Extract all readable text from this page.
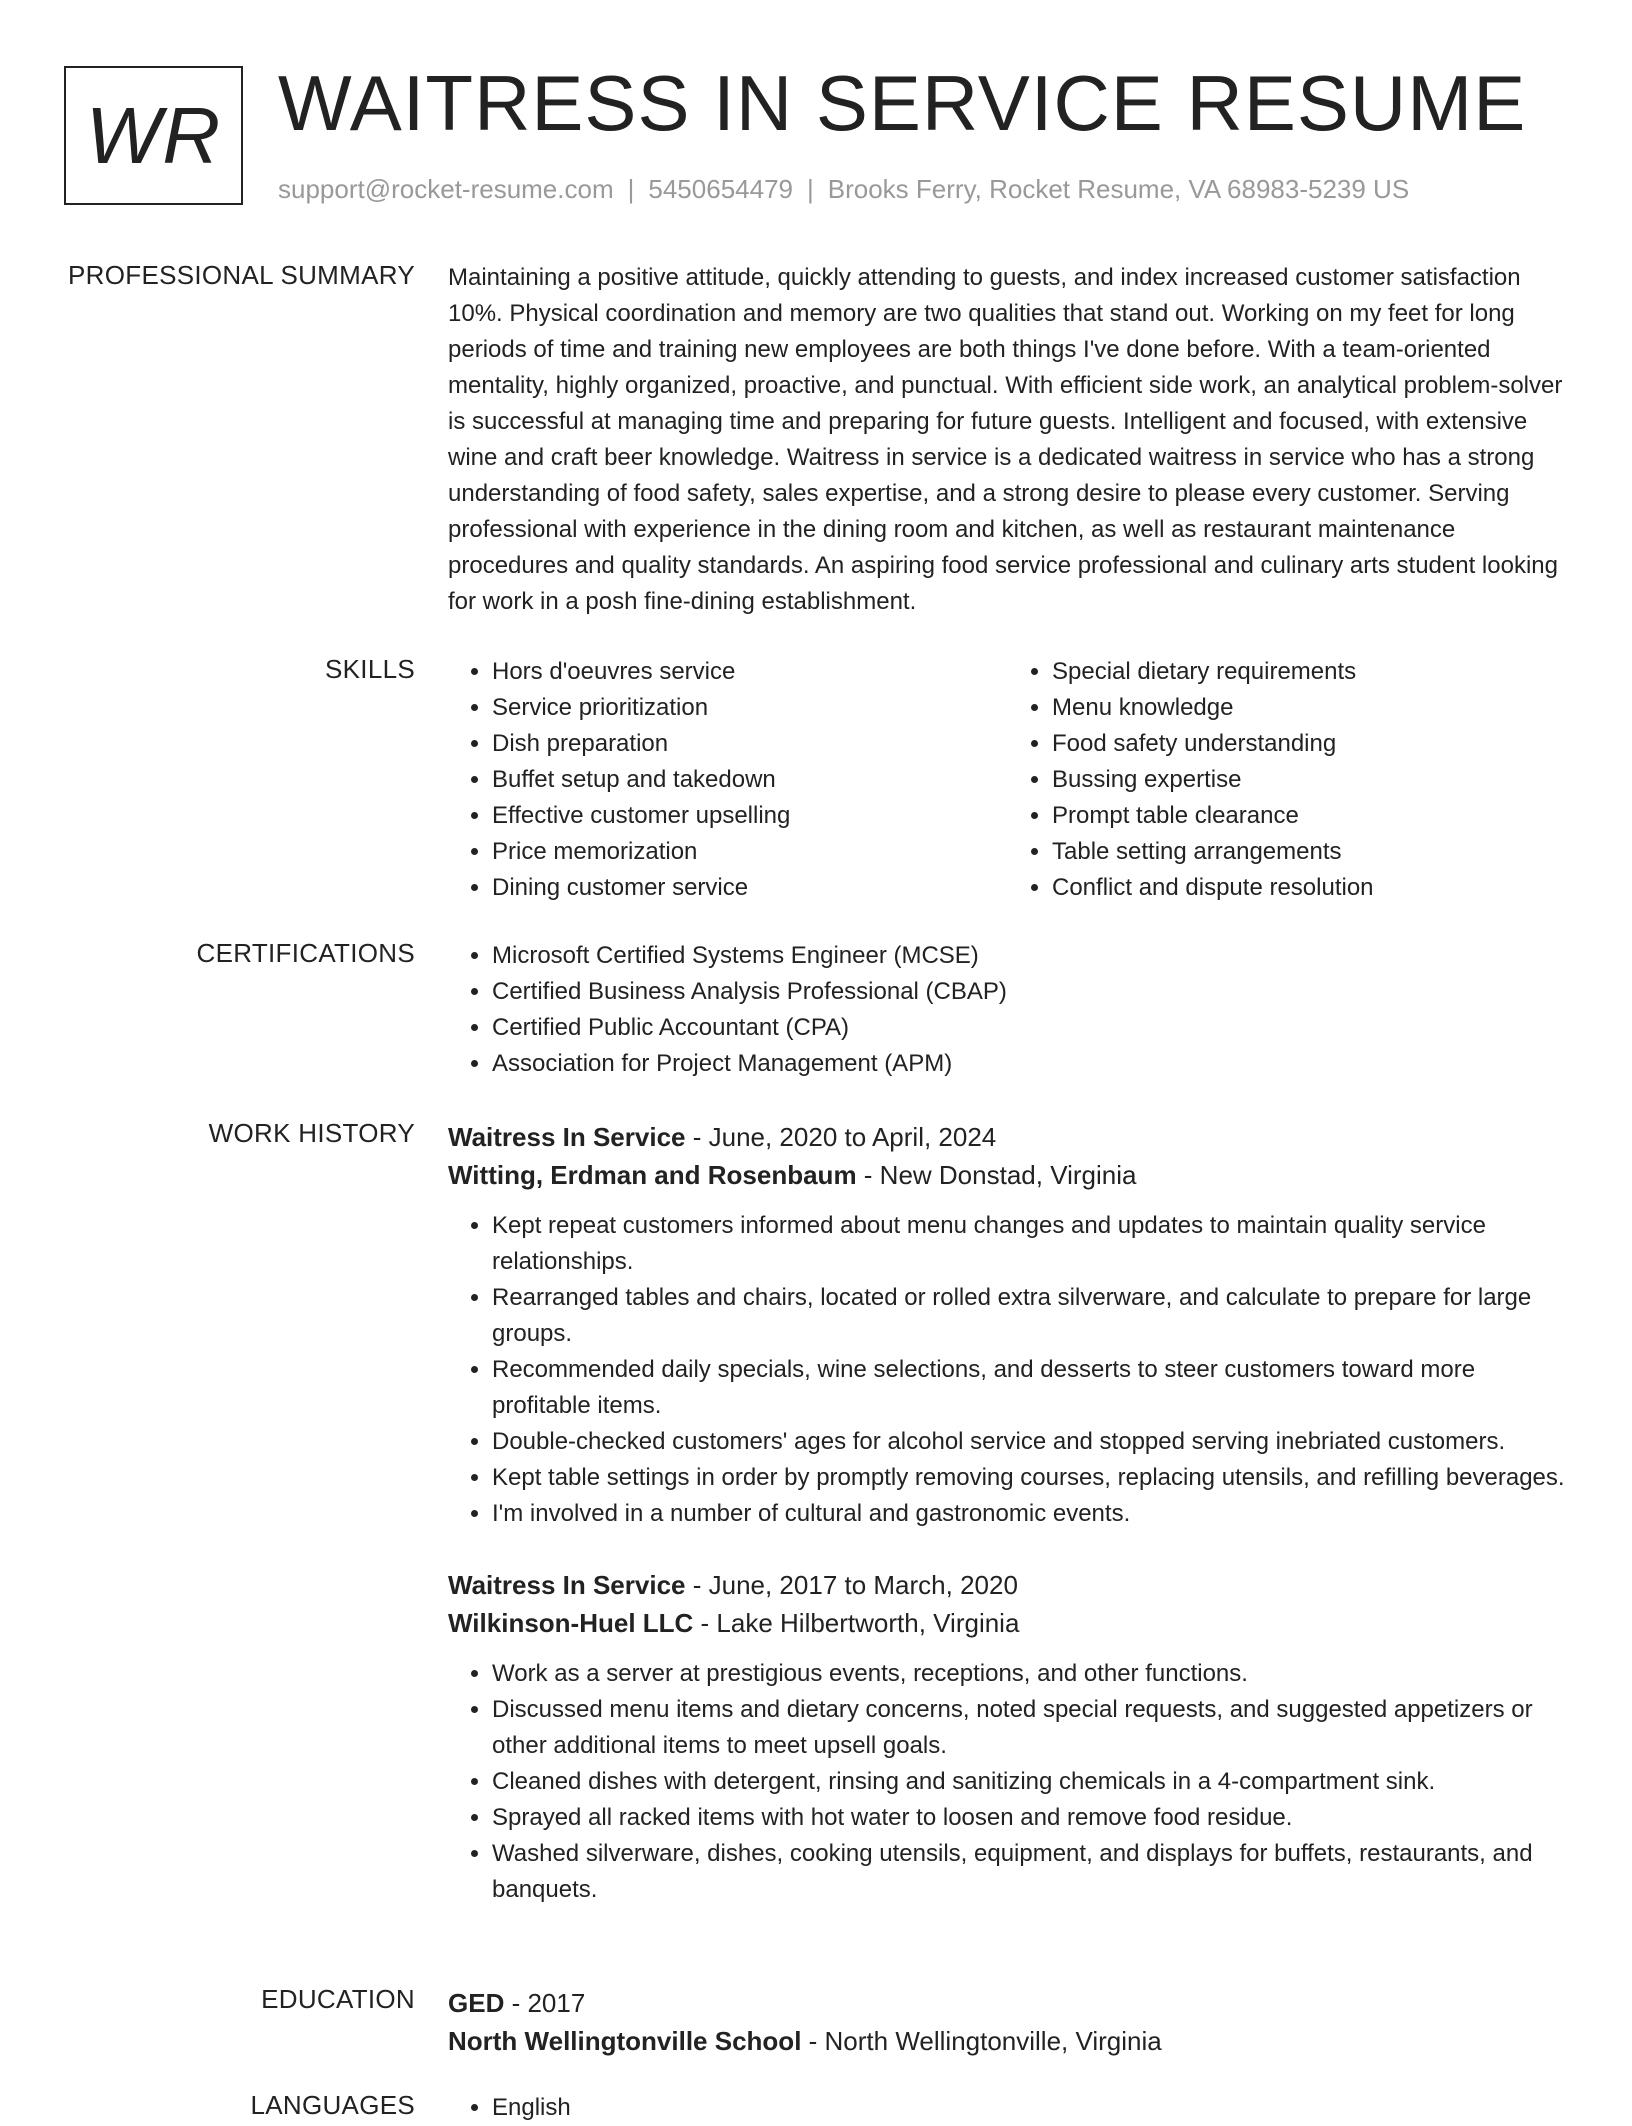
WR WAITRESS IN SERVICE RESUME
support@rocket-resume.com | 5450654479 | Brooks Ferry, Rocket Resume, VA 68983-5239 US
PROFESSIONAL SUMMARY Maintaining a positive attitude, quickly attending to guests, and index increased customer satisfaction 10%. Physical coordination and memory are two qualities that stand out. Working on my feet for long periods of time and training new employees are both things I've done before. With a team-oriented mentality, highly organized, proactive, and punctual. With efficient side work, an analytical problem-solver is successful at managing time and preparing for future guests. Intelligent and focused, with extensive wine and craft beer knowledge. Waitress in service is a dedicated waitress in service who has a strong understanding of food safety, sales expertise, and a strong desire to please every customer. Serving professional with experience in the dining room and kitchen, as well as restaurant maintenance procedures and quality standards. An aspiring food service professional and culinary arts student looking for work in a posh fine-dining establishment.

SKILLS	• Hors d'oeuvres service
• Service prioritization
• Dish preparation
• Buffet setup and takedown
• Effective customer upselling
• Price memorization
• Dining customer service
• Special dietary requirements
• Menu knowledge
• Food safety understanding
• Bussing expertise
• Prompt table clearance
• Table setting arrangements
• Conflict and dispute resolution
CERTIFICATIONS	• Microsoft Certified Systems Engineer (MCSE)
• Certified Business Analysis Professional (CBAP)
• Certified Public Accountant (CPA)
• Association for Project Management (APM)
WORK HISTORY Waitress In Service - June, 2020 to April, 2024
Witting, Erdman and Rosenbaum - New Donstad, Virginia
• Kept repeat customers informed about menu changes and updates to maintain quality service relationships.
• Rearranged tables and chairs, located or rolled extra silverware, and calculate to prepare for large groups.
• Recommended daily specials, wine selections, and desserts to steer customers toward more profitable items.
• Double-checked customers' ages for alcohol service and stopped serving inebriated customers.
• Kept table settings in order by promptly removing courses, replacing utensils, and refilling beverages.
• I'm involved in a number of cultural and gastronomic events.
Waitress In Service - June, 2017 to March, 2020
Wilkinson-Huel LLC - Lake Hilbertworth, Virginia
• Work as a server at prestigious events, receptions, and other functions.
• Discussed menu items and dietary concerns, noted special requests, and suggested appetizers or other additional items to meet upsell goals.
• Cleaned dishes with detergent, rinsing and sanitizing chemicals in a 4-compartment sink.
• Sprayed all racked items with hot water to loosen and remove food residue.
• Washed silverware, dishes, cooking utensils, equipment, and displays for buffets, restaurants, and banquets.
EDUCATION GED - 2017
North Wellingtonville School - North Wellingtonville, Virginia
LANGUAGES	• English
